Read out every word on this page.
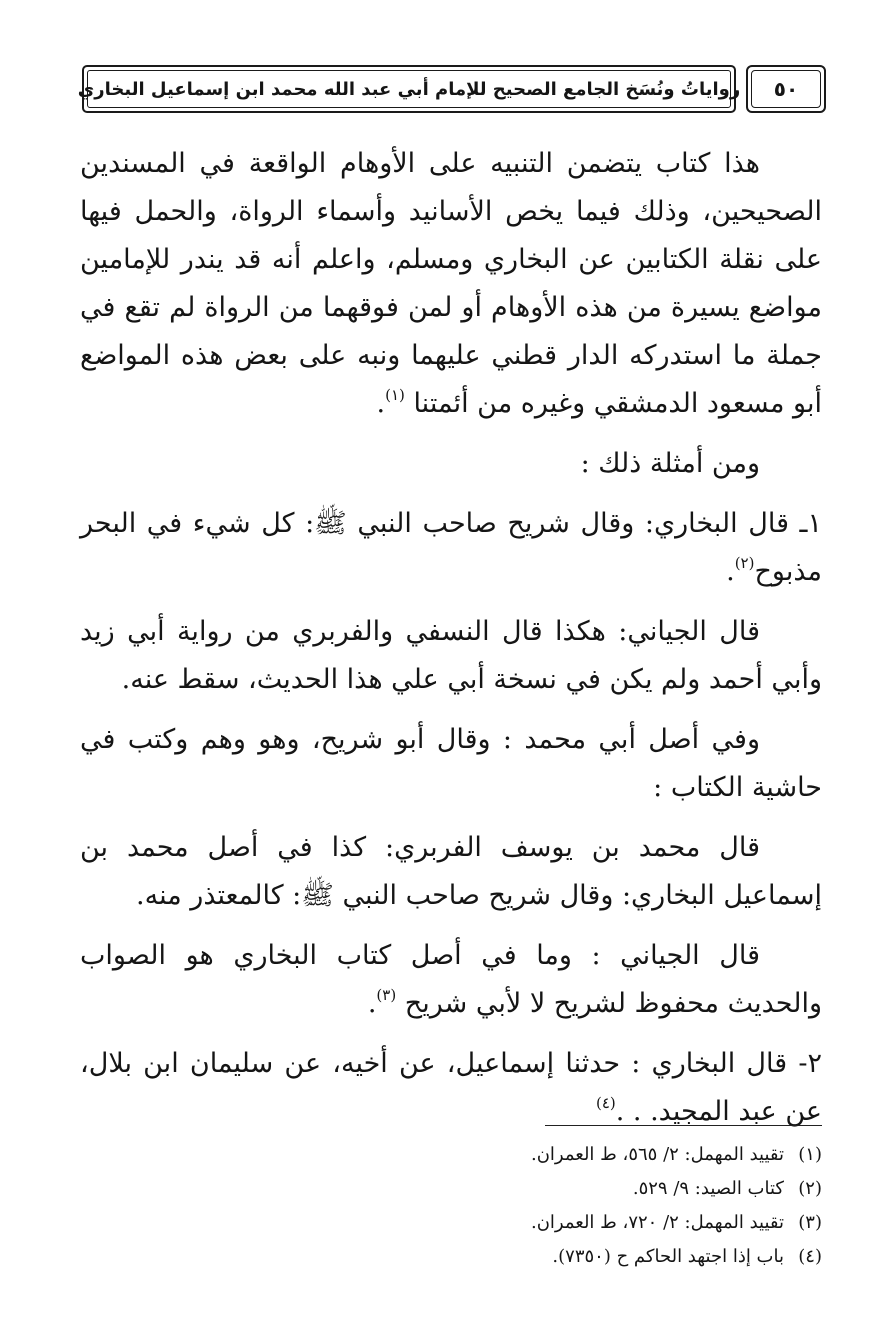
رواياتُ ونُسَخ الجامع الصحيح للإمام أبي عبد الله محمد ابن إسماعيل البخاري ٥٠

هذا كتاب يتضمن التنبيه على الأوهام الواقعة في المسندين الصحيحين، وذلك فيما يخص الأسانيد وأسماء الرواة، والحمل فيها على نقلة الكتابين عن البخاري ومسلم، واعلم أنه قد يندر للإمامين مواضع يسيرة من هذه الأوهام أو لمن فوقهما من الرواة لم تقع في جملة ما استدركه الدار قطني عليهما ونبه على بعض هذه المواضع أبو مسعود الدمشقي وغيره من أئمتنا $^{(١)}$.

ومن أمثلة ذلك :

١ـ قال البخاري: وقال شريح صاحب النبي ﷺ: كل شيء في البحر مذبوح$^{(٢)}$.

قال الجياني: هكذا قال النسفي والفربري من رواية أبي زيد وأبي أحمد ولم يكن في نسخة أبي علي هذا الحديث، سقط عنه.

وفي أصل أبي محمد : وقال أبو شريح، وهو وهم وكتب في حاشية الكتاب :

قال محمد بن يوسف الفربري: كذا في أصل محمد بن إسماعيل البخاري: وقال شريح صاحب النبي ﷺ: كالمعتذر منه.

قال الجياني : وما في أصل كتاب البخاري هو الصواب والحديث محفوظ لشريح لا لأبي شريح $^{(٣)}$.

٢- قال البخاري : حدثنا إسماعيل، عن أخيه، عن سليمان ابن بلال، عن عبد المجيد. . .$^{(٤)}$

(١)تقييد المهمل: ٢/ ٥٦٥، ط العمران.
(٢)كتاب الصيد: ٩/ ٥٢٩.
(٣)تقييد المهمل: ٢/ ٧٢٠، ط العمران.
(٤)باب إذا اجتهد الحاكم ح (٧٣٥٠).
